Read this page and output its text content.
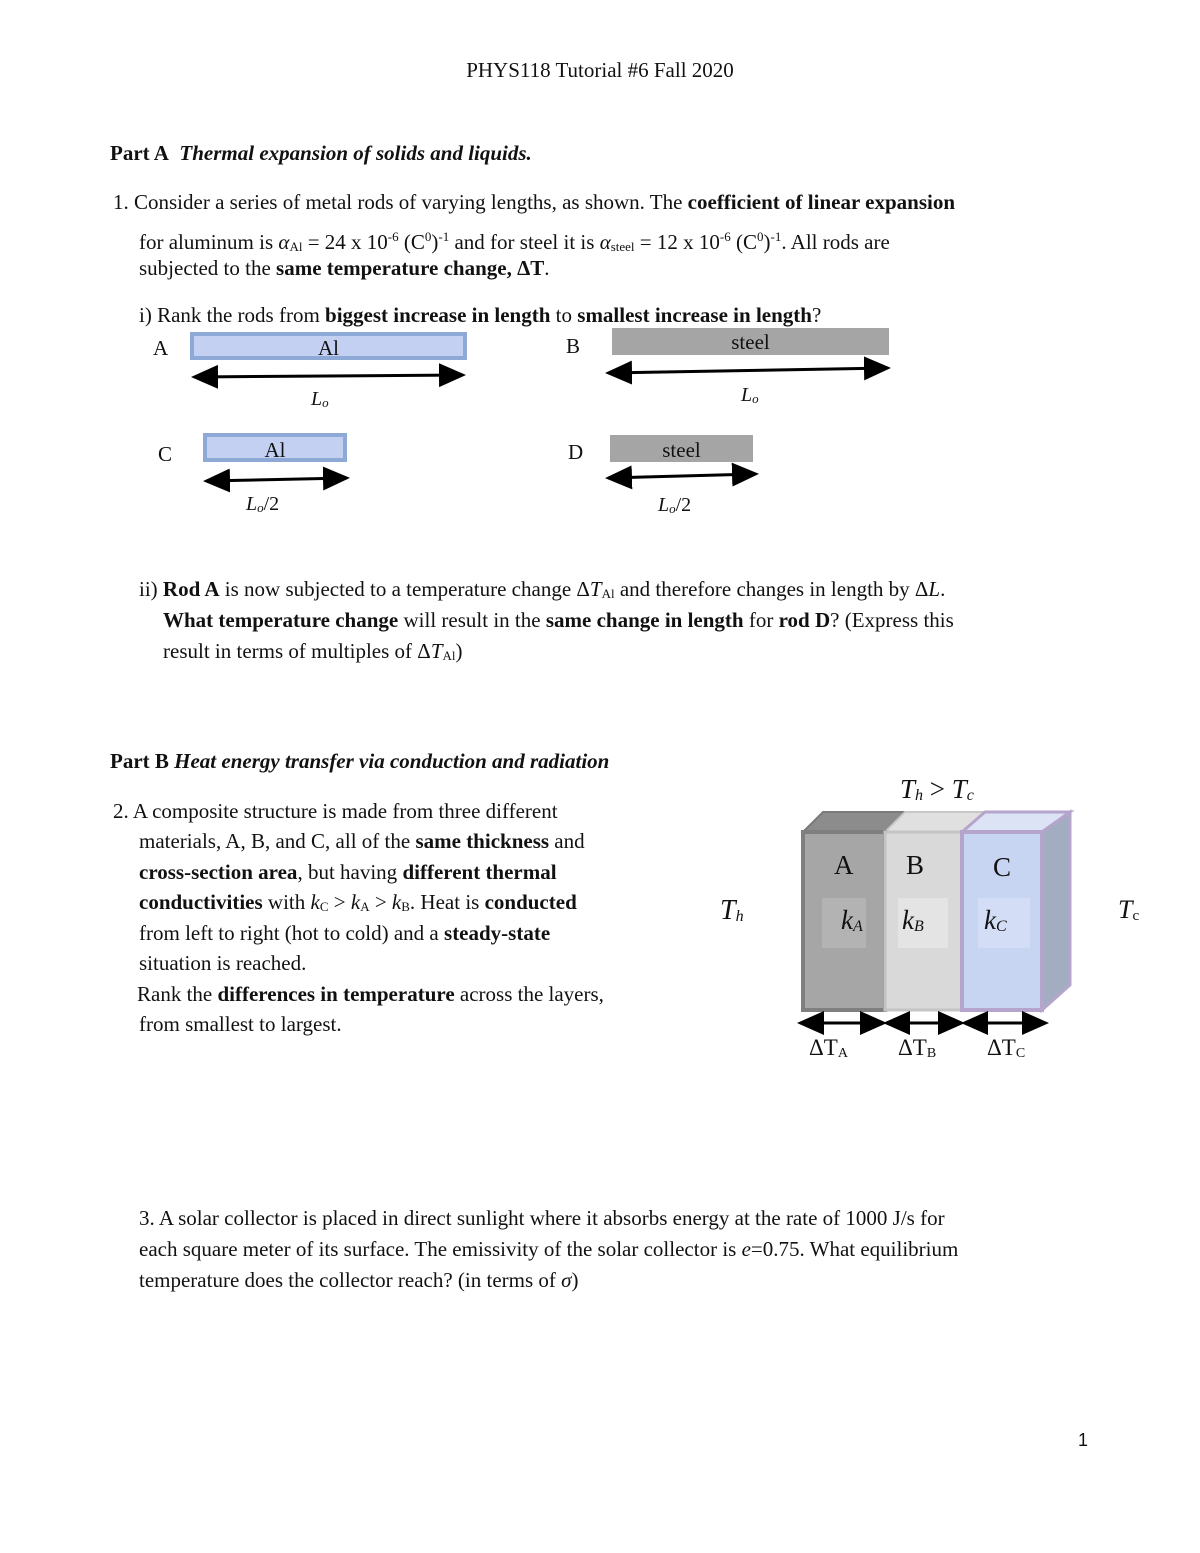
PHYS118 Tutorial #6 Fall 2020
Part A Thermal expansion of solids and liquids.
1. Consider a series of metal rods of varying lengths, as shown. The coefficient of linear expansion
for aluminum is αAl = 24 x $10^{-6}$ $(C^0)^{-1}$ and for steel it is αsteel = 12 x $10^{-6}$ $(C^0)^{-1}$. All rods are
subjected to the same temperature change, ΔT.
i) Rank the rods from biggest increase in length to smallest increase in length?
A	Al	B	steel
C	Al	D	steel
Lo	Lo
Lo/2	Lo/2
ii) Rod A is now subjected to a temperature change ΔTAl and therefore changes in length by ΔL.
What temperature change will result in the same change in length for rod D? (Express this
result in terms of multiples of ΔTAl)
Part B Heat energy transfer via conduction and radiation
2. A composite structure is made from three different
materials, A, B, and C, all of the same thickness and
cross-section area, but having different thermal
conductivities with kC > kA > kB. Heat is conducted
from left to right (hot to cold) and a steady-state
situation is reached.
Rank the differences in temperature across the layers,
from smallest to largest.
Th > Tc
Th	Tc
A B	C
kA kB kC
ΔTA ΔTB ΔTC
3. A solar collector is placed in direct sunlight where it absorbs energy at the rate of 1000 J/s for
each square meter of its surface. The emissivity of the solar collector is e=0.75. What equilibrium
temperature does the collector reach? (in terms of σ)
1
